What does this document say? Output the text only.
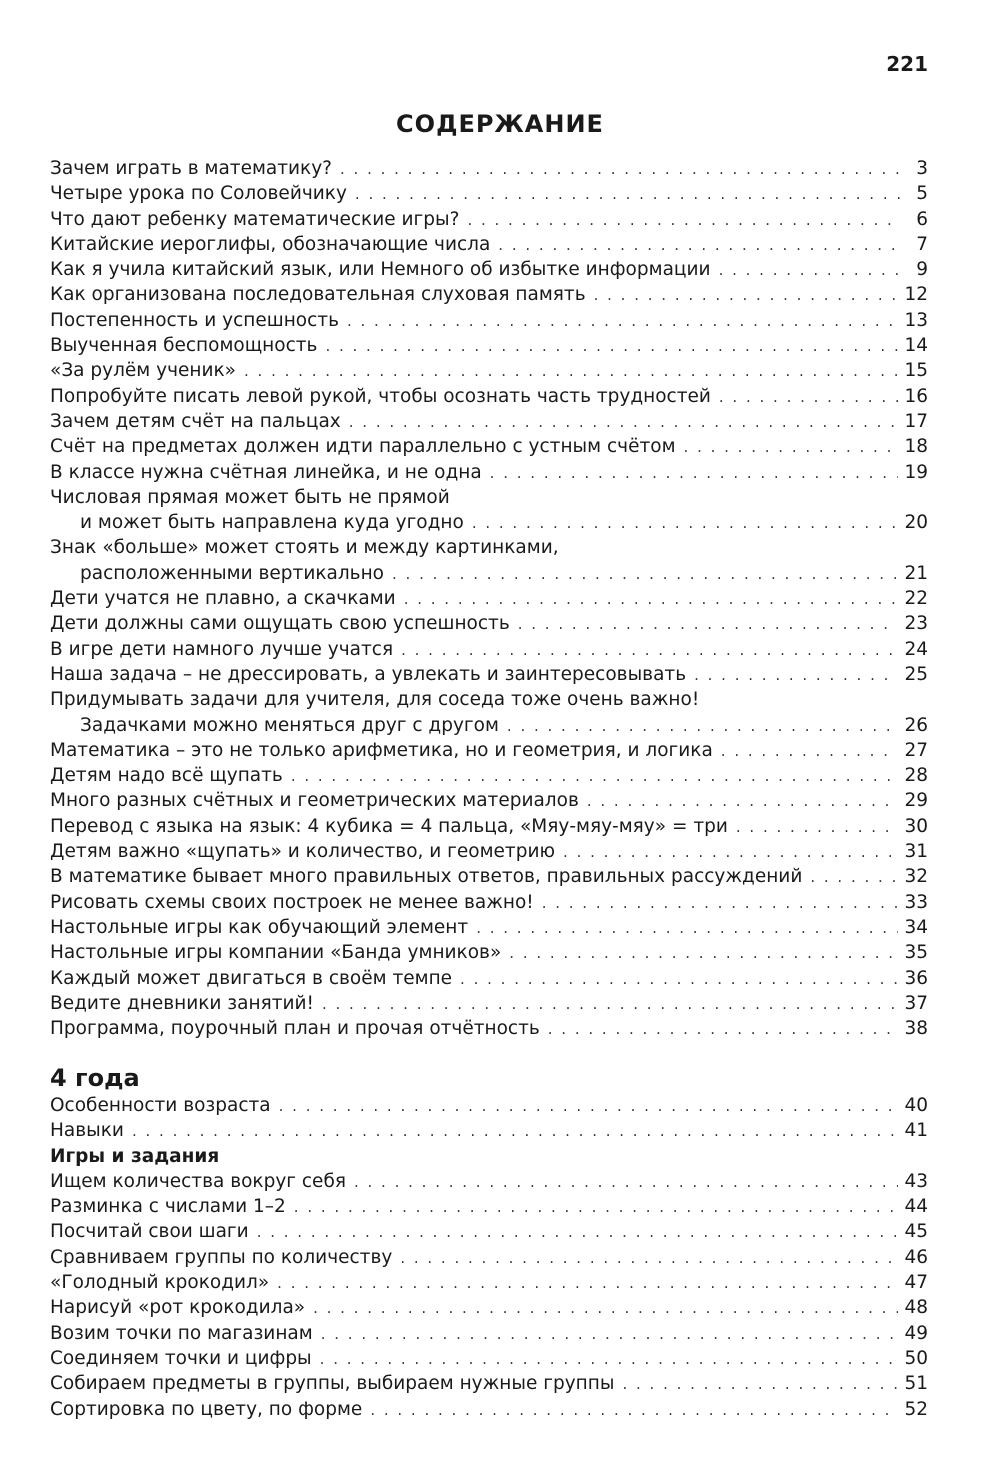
221
СОДЕРЖАНИЕ
Зачем играть в математику? . . .	3
Четыре урока по Соловейчику . . .	5
Что дают ребенку математические игры? . . .	6
Китайские иероглифы, обозначающие числа . . .	7
Как я учила китайский язык, или Немного об избытке информации . . .	9
Как организована последовательная слуховая память . . .	12
Постепенность и успешность . . .	13
Выученная беспомощность . . .	14
«За рулём ученик» . . .	15
Попробуйте писать левой рукой, чтобы осознать часть трудностей . . .	16
Зачем детям счёт на пальцах . . .	17
Счёт на предметах должен идти параллельно с устным счётом . . .	18
В классе нужна счётная линейка, и не одна . . .	19
Числовая прямая может быть не прямой
и может быть направлена куда угодно . . .	20
Знак «больше» может стоять и между картинками,
расположенными вертикально . . .	21
Дети учатся не плавно, а скачками . . .	22
Дети должны сами ощущать свою успешность . . .	23
В игре дети намного лучше учатся . . .	24
Наша задача – не дрессировать, а увлекать и заинтересовывать . . .	25
Придумывать задачи для учителя, для соседа тоже очень важно!
Задачками можно меняться друг с другом . . .	26
Математика – это не только арифметика, но и геометрия, и логика . . .	27
Детям надо всё щупать . . .	28
Много разных счётных и геометрических материалов . . .	29
Перевод с языка на язык: 4 кубика = 4 пальца, «Мяу-мяу-мяу» = три . . .	30
Детям важно «щупать» и количество, и геометрию . . .	31
В математике бывает много правильных ответов, правильных рассуждений . . .	32
Рисовать схемы своих построек не менее важно! . . .	33
Настольные игры как обучающий элемент . . .	34
Настольные игры компании «Банда умников» . . .	35
Каждый может двигаться в своём темпе . . .	36
Ведите дневники занятий! . . .	37
Программа, поурочный план и прочая отчётность . . .	38
4 года
Особенности возраста . . .	40
Навыки . . .	41
Игры и задания
Ищем количества вокруг себя . . .	43
Разминка с числами 1–2 . . .	44
Посчитай свои шаги . . .	45
Сравниваем группы по количеству . . .	46
«Голодный крокодил» . . .	47
Нарисуй «рот крокодила» . . .	48
Возим точки по магазинам . . .	49
Соединяем точки и цифры . . .	50
Собираем предметы в группы, выбираем нужные группы . . .	51
Сортировка по цвету, по форме . . .	52
